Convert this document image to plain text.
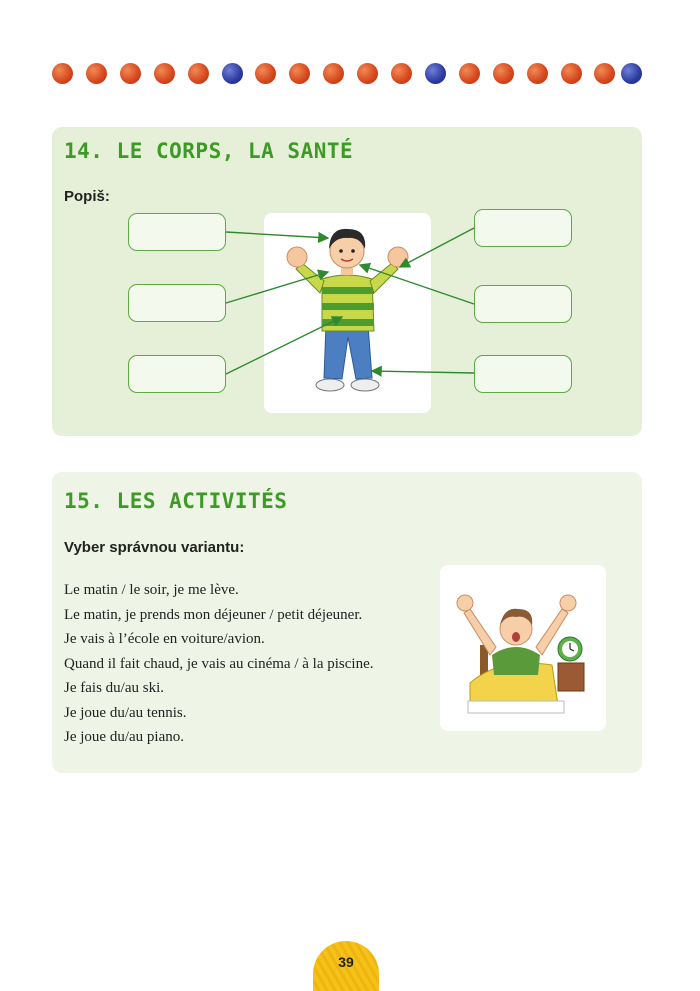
14. LE CORPS, LA SANTÉ
Popiš:
15. LES ACTIVITÉS
Vyber správnou variantu:
Le matin / le soir, je me lève.
Le matin, je prends mon déjeuner / petit déjeuner.
Je vais à l’école en voiture/avion.
Quand il fait chaud, je vais au cinéma / à la piscine.
Je fais du/au ski.
Je joue du/au tennis.
Je joue du/au piano.
39
